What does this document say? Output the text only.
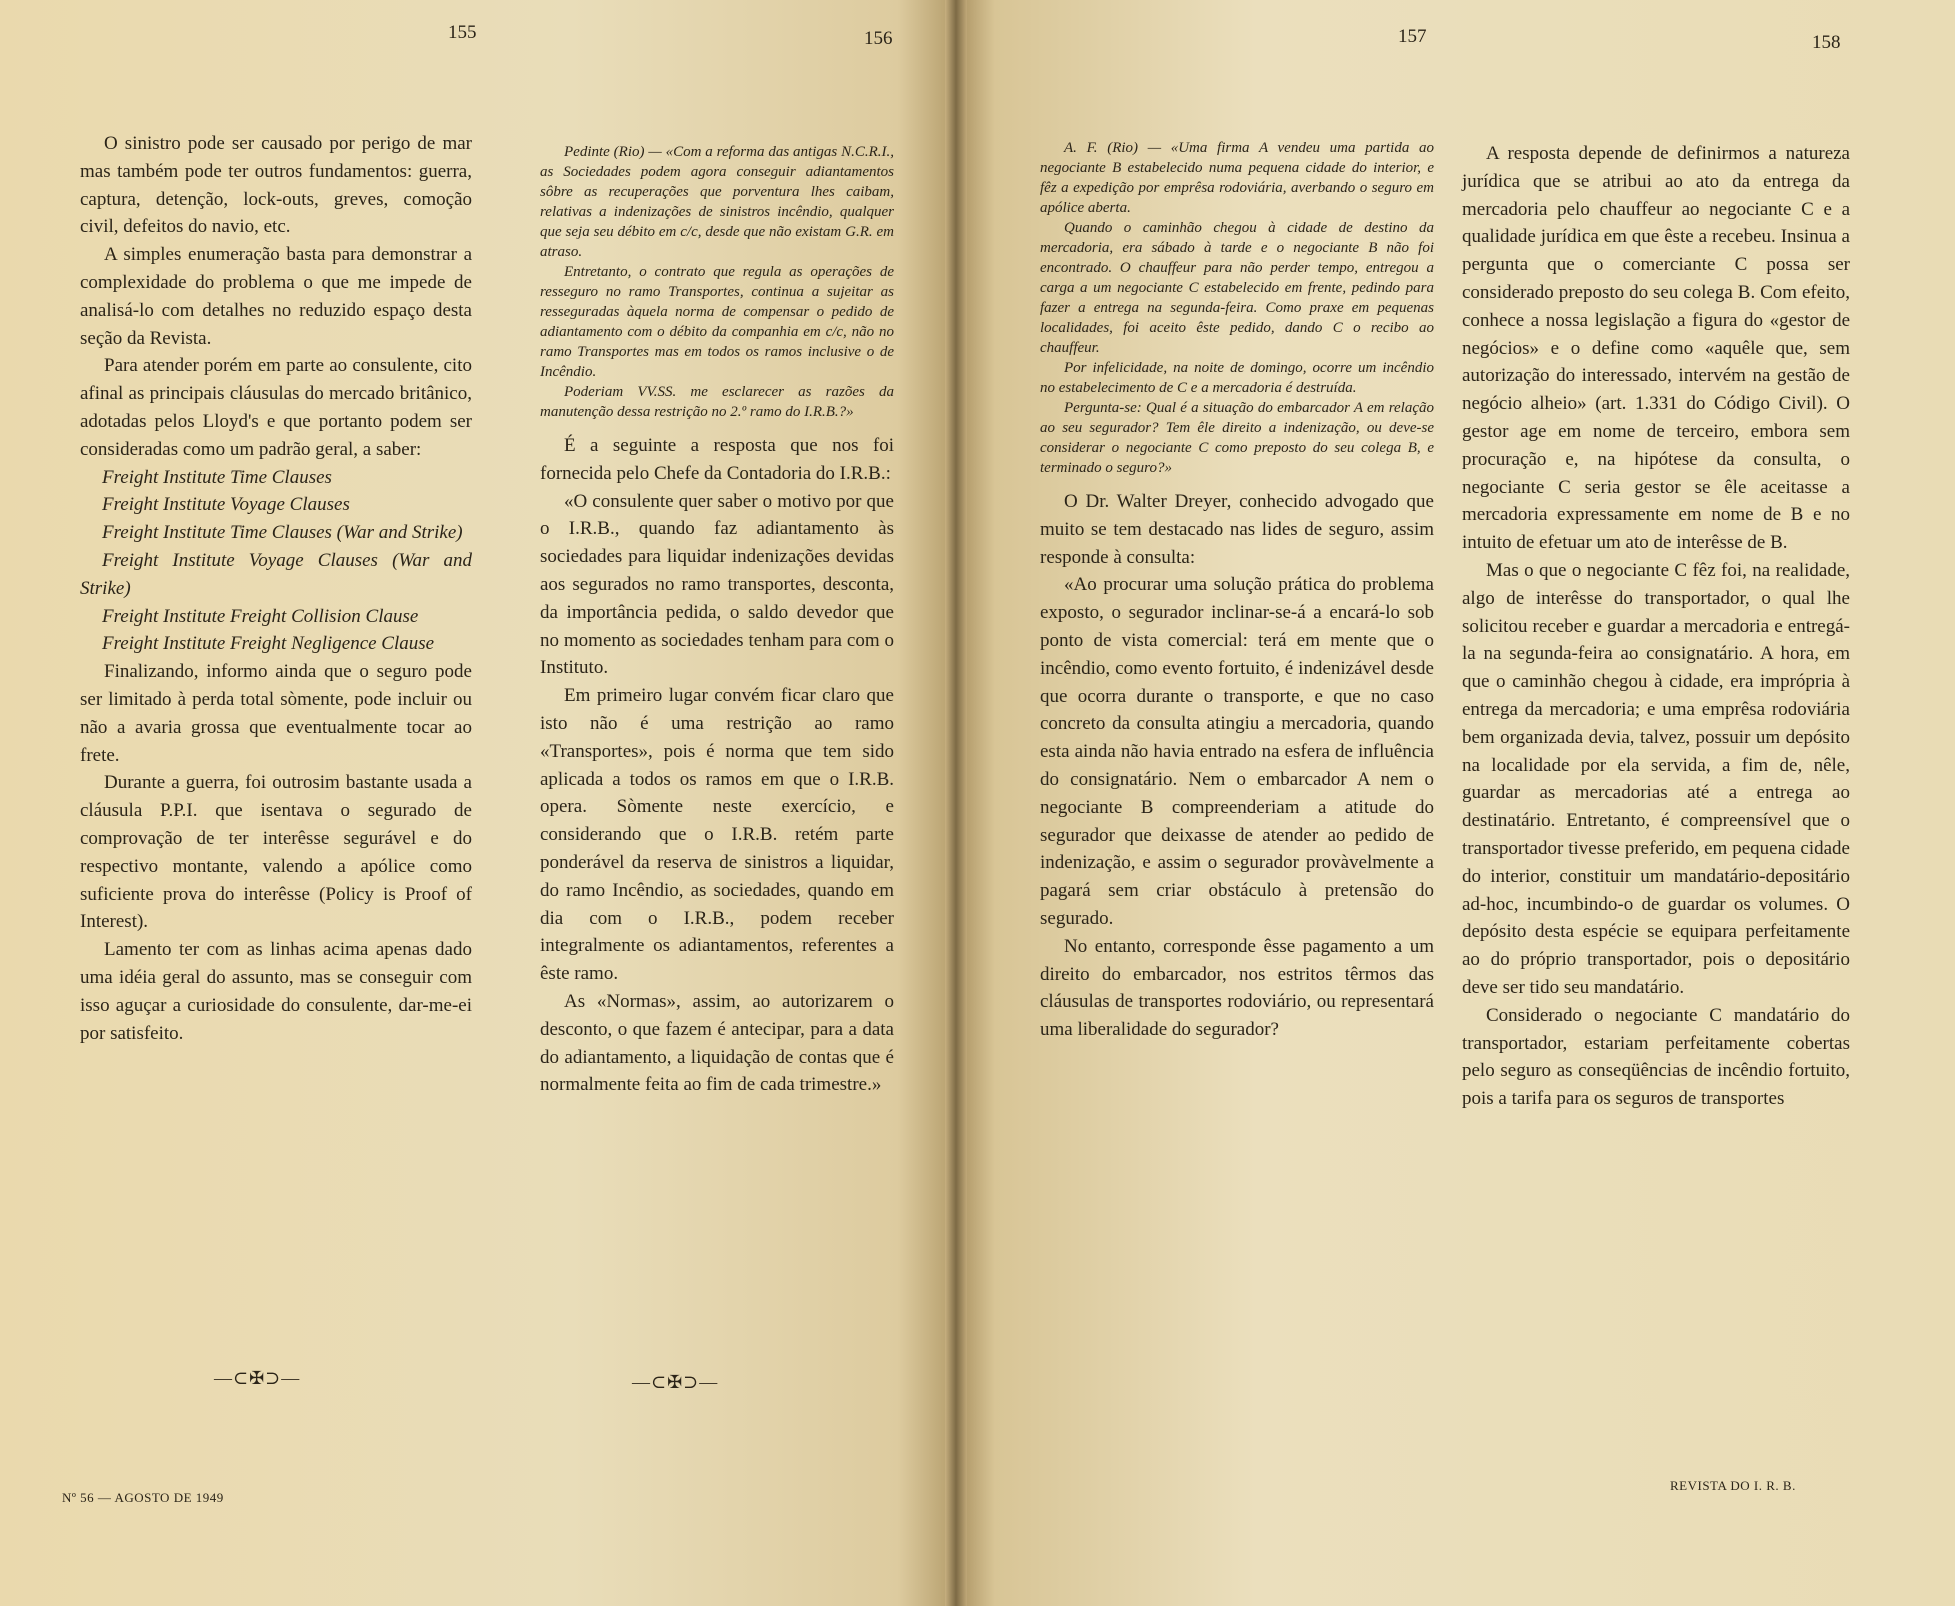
155	156	157	158

O sinistro pode ser causado por perigo de mar mas também pode ter outros fundamentos: guerra, captura, detenção, lock-outs, greves, comoção civil, defeitos do navio, etc.

A simples enumeração basta para demonstrar a complexidade do problema o que me impede de analisá-lo com detalhes no reduzido espaço desta seção da Revista.

Para atender porém em parte ao consulente, cito afinal as principais cláusulas do mercado britânico, adotadas pelos Lloyd's e que portanto podem ser consideradas como um padrão geral, a saber:

Freight Institute Time Clauses

Freight Institute Voyage Clauses

Freight Institute Time Clauses (War and Strike)

Freight Institute Voyage Clauses (War and Strike)

Freight Institute Freight Collision Clause

Freight Institute Freight Negligence Clause

Finalizando, informo ainda que o seguro pode ser limitado à perda total sòmente, pode incluir ou não a avaria grossa que eventualmente tocar ao frete.

Durante a guerra, foi outrosim bastante usada a cláusula P.P.I. que isentava o segurado de comprovação de ter interêsse segurável e do respectivo montante, valendo a apólice como suficiente prova do interêsse (Policy is Proof of Interest).

Lamento ter com as linhas acima apenas dado uma idéia geral do assunto, mas se conseguir com isso aguçar a curiosidade do consulente, dar-me-ei por satisfeito.

—⊂✠⊃—

Pedinte (Rio) — «Com a reforma das antigas N.C.R.I., as Sociedades podem agora conseguir adiantamentos sôbre as recuperações que porventura lhes caibam, relativas a indenizações de sinistros incêndio, qualquer que seja seu débito em c/c, desde que não existam G.R. em atraso.

Entretanto, o contrato que regula as operações de resseguro no ramo Transportes, continua a sujeitar as resseguradas àquela norma de compensar o pedido de adiantamento com o débito da companhia em c/c, não no ramo Transportes mas em todos os ramos inclusive o de Incêndio.

Poderiam VV.SS. me esclarecer as razões da manutenção dessa restrição no 2.º ramo do I.R.B.?»

É a seguinte a resposta que nos foi fornecida pelo Chefe da Contadoria do I.R.B.:

«O consulente quer saber o motivo por que o I.R.B., quando faz adiantamento às sociedades para liquidar indenizações devidas aos segurados no ramo transportes, desconta, da importância pedida, o saldo devedor que no momento as sociedades tenham para com o Instituto.

Em primeiro lugar convém ficar claro que isto não é uma restrição ao ramo «Transportes», pois é norma que tem sido aplicada a todos os ramos em que o I.R.B. opera. Sòmente neste exercício, e considerando que o I.R.B. retém parte ponderável da reserva de sinistros a liquidar, do ramo Incêndio, as sociedades, quando em dia com o I.R.B., podem receber integralmente os adiantamentos, referentes a êste ramo.

As «Normas», assim, ao autorizarem o desconto, o que fazem é antecipar, para a data do adiantamento, a liquidação de contas que é normalmente feita ao fim de cada trimestre.»

—⊂✠⊃—

A. F. (Rio) — «Uma firma A vendeu uma partida ao negociante B estabelecido numa pequena cidade do interior, e fêz a expedição por emprêsa rodoviária, averbando o seguro em apólice aberta.

Quando o caminhão chegou à cidade de destino da mercadoria, era sábado à tarde e o negociante B não foi encontrado. O chauffeur para não perder tempo, entregou a carga a um negociante C estabelecido em frente, pedindo para fazer a entrega na segunda-feira. Como praxe em pequenas localidades, foi aceito êste pedido, dando C o recibo ao chauffeur.

Por infelicidade, na noite de domingo, ocorre um incêndio no estabelecimento de C e a mercadoria é destruída.

Pergunta-se: Qual é a situação do embarcador A em relação ao seu segurador? Tem êle direito a indenização, ou deve-se considerar o negociante C como preposto do seu colega B, e terminado o seguro?»

O Dr. Walter Dreyer, conhecido advogado que muito se tem destacado nas lides de seguro, assim responde à consulta:

«Ao procurar uma solução prática do problema exposto, o segurador inclinar-se-á a encará-lo sob ponto de vista comercial: terá em mente que o incêndio, como evento fortuito, é indenizável desde que ocorra durante o transporte, e que no caso concreto da consulta atingiu a mercadoria, quando esta ainda não havia entrado na esfera de influência do consignatário. Nem o embarcador A nem o negociante B compreenderiam a atitude do segurador que deixasse de atender ao pedido de indenização, e assim o segurador provàvelmente a pagará sem criar obstáculo à pretensão do segurado.

No entanto, corresponde êsse pagamento a um direito do embarcador, nos estritos têrmos das cláusulas de transportes rodoviário, ou representará uma liberalidade do segurador?

A resposta depende de definirmos a natureza jurídica que se atribui ao ato da entrega da mercadoria pelo chauffeur ao negociante C e a qualidade jurídica em que êste a recebeu. Insinua a pergunta que o comerciante C possa ser considerado preposto do seu colega B. Com efeito, conhece a nossa legislação a figura do «gestor de negócios» e o define como «aquêle que, sem autorização do interessado, intervém na gestão de negócio alheio» (art. 1.331 do Código Civil). O gestor age em nome de terceiro, embora sem procuração e, na hipótese da consulta, o negociante C seria gestor se êle aceitasse a mercadoria expressamente em nome de B e no intuito de efetuar um ato de interêsse de B.

Mas o que o negociante C fêz foi, na realidade, algo de interêsse do transportador, o qual lhe solicitou receber e guardar a mercadoria e entregá-la na segunda-feira ao consignatário. A hora, em que o caminhão chegou à cidade, era imprópria à entrega da mercadoria; e uma emprêsa rodoviária bem organizada devia, talvez, possuir um depósito na localidade por ela servida, a fim de, nêle, guardar as mercadorias até a entrega ao destinatário. Entretanto, é compreensível que o transportador tivesse preferido, em pequena cidade do interior, constituir um mandatário-depositário ad-hoc, incumbindo-o de guardar os volumes. O depósito desta espécie se equipara perfeitamente ao do próprio transportador, pois o depositário deve ser tido seu mandatário.

Considerado o negociante C mandatário do transportador, estariam perfeitamente cobertas pelo seguro as conseqüências de incêndio fortuito, pois a tarifa para os seguros de transportes

Nº 56 — AGOSTO DE 1949
REVISTA DO I. R. B.
